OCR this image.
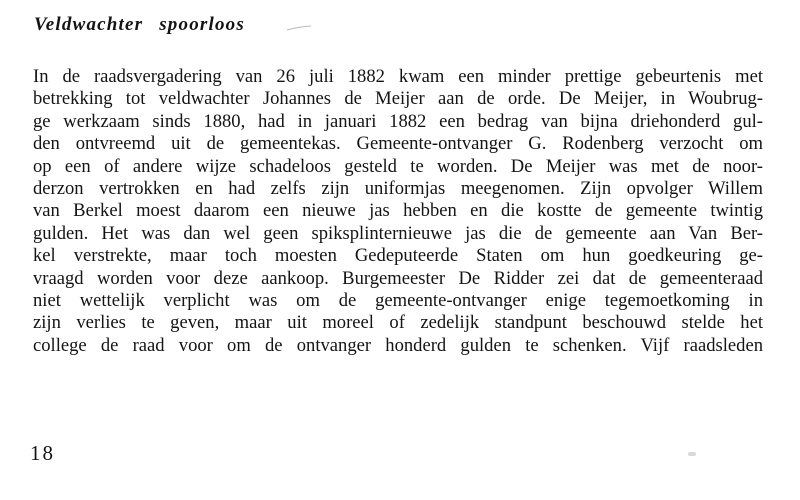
Veldwachter spoorloos
In de raadsvergadering van 26 juli 1882 kwam een minder prettige gebeurtenis met
betrekking tot veldwachter Johannes de Meijer aan de orde. De Meijer, in Woubrug-
ge werkzaam sinds 1880, had in januari 1882 een bedrag van bijna driehonderd gul-
den ontvreemd uit de gemeentekas. Gemeente-ontvanger G. Rodenberg verzocht om
op een of andere wijze schadeloos gesteld te worden. De Meijer was met de noor-
derzon vertrokken en had zelfs zijn uniformjas meegenomen. Zijn opvolger Willem
van Berkel moest daarom een nieuwe jas hebben en die kostte de gemeente twintig
gulden. Het was dan wel geen spiksplinternieuwe jas die de gemeente aan Van Ber-
kel verstrekte, maar toch moesten Gedeputeerde Staten om hun goedkeuring ge-
vraagd worden voor deze aankoop. Burgemeester De Ridder zei dat de gemeenteraad
niet wettelijk verplicht was om de gemeente-ontvanger enige tegemoetkoming in
zijn verlies te geven, maar uit moreel of zedelijk standpunt beschouwd stelde het
college de raad voor om de ontvanger honderd gulden te schenken. Vijf raadsleden
18
